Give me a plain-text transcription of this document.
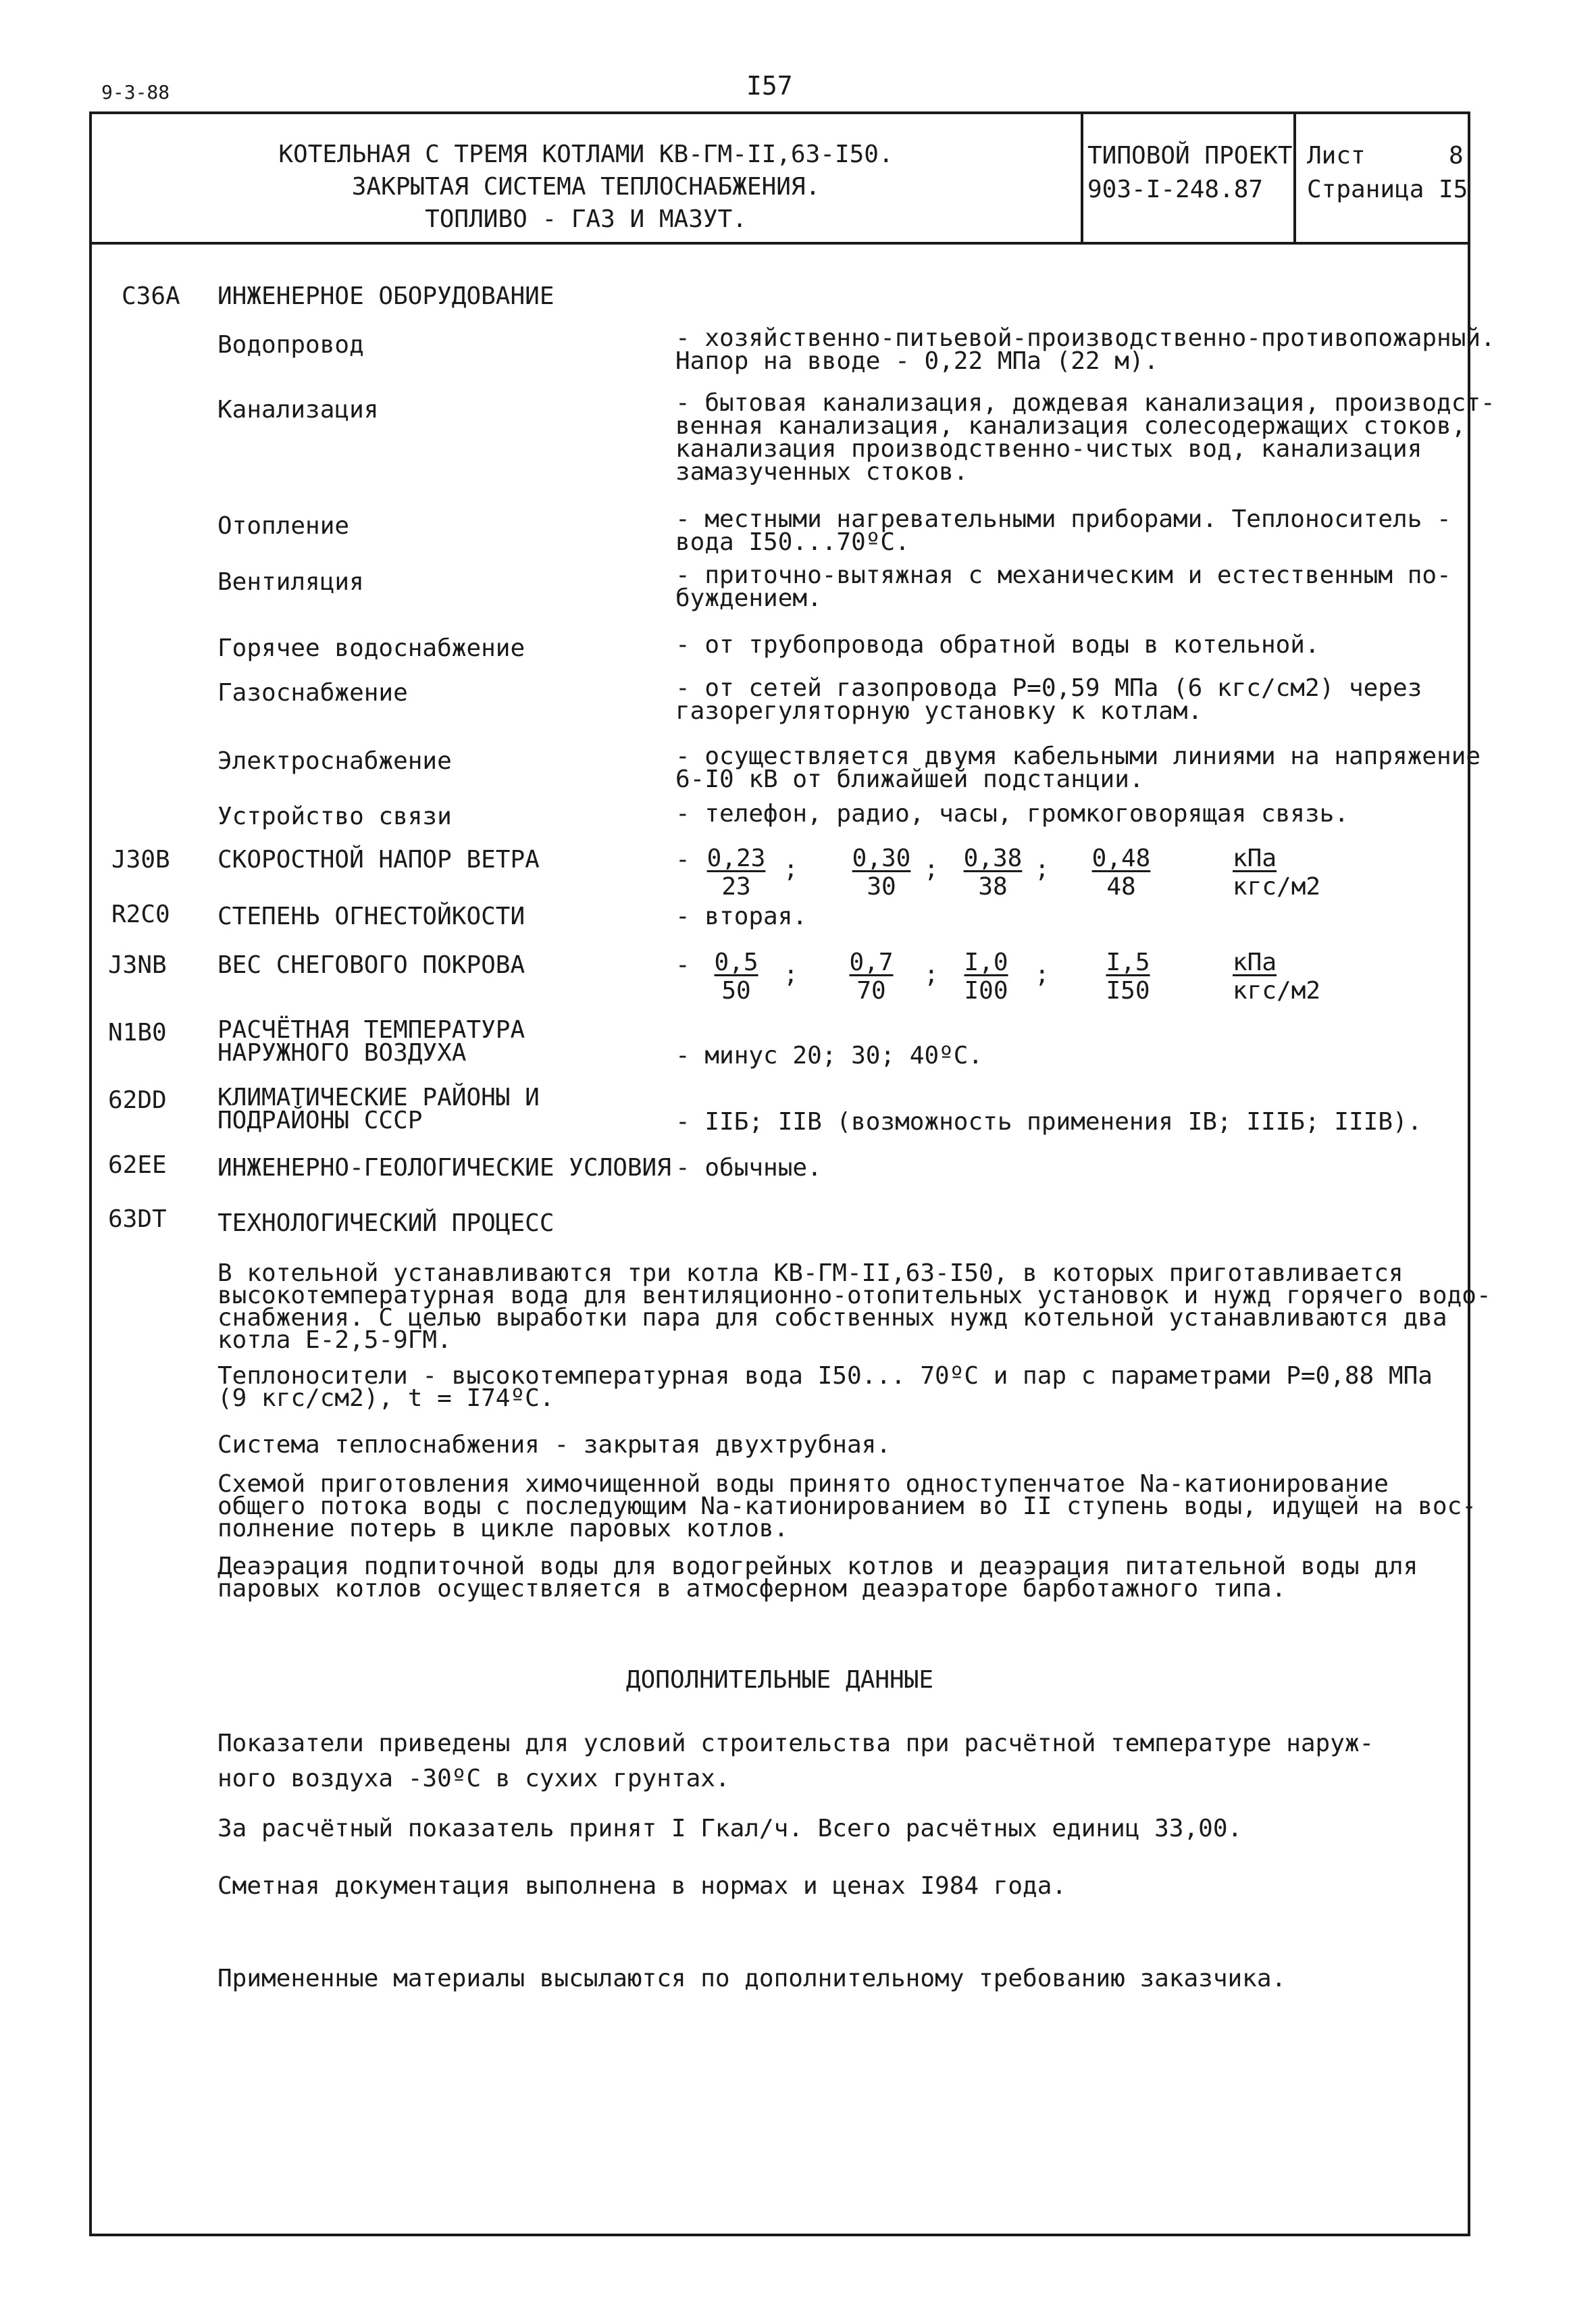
9-3-88	I57
КОТЕЛЬНАЯ С ТРЕМЯ КОТЛАМИ КВ-ГМ-II,63-I50.
ЗАКРЫТАЯ СИСТЕМА ТЕПЛОСНАБЖЕНИЯ.
ТОПЛИВО - ГАЗ И МАЗУТ.
ТИПОВОЙ ПРОЕКТ
903-I-248.87
Лист	8
Страница I5
С36А ИНЖЕНЕРНОЕ ОБОРУДОВАНИЕ
Водопровод	- хозяйственно-питьевой-производственно-противопожарный.
Напор на вводе - 0,22 МПа (22 м).
Канализация	- бытовая канализация, дождевая канализация, производст-
венная канализация, канализация солесодержащих стоков,
канализация производственно-чистых вод, канализация
замазученных стоков.
Отопление	- местными нагревательными приборами. Теплоноситель -
вода I50...70ºС.
Вентиляция	- приточно-вытяжная с механическим и естественным по-
буждением.
Горячее водоснабжение	- от трубопровода обратной воды в котельной.
Газоснабжение	- от сетей газопровода Р=0,59 МПа (6 кгс/см2) через
газорегуляторную установку к котлам.
Электроснабжение	- осуществляется двумя кабельными линиями на напряжение
6-I0 кВ от ближайшей подстанции.
Устройство связи	- телефон, радио, часы, громкоговорящая связь.
J30B СКОРОСТНОЙ НАПОР ВЕТРА	- $\frac{0,23}{23}$ ; $\frac{0,30}{30}$ ; $\frac{0,38}{38}$ ; $\frac{0,48}{48}$	кПа
кгс/м2
R2C0 СТЕПЕНЬ ОГНЕСТОЙКОСТИ	- вторая.
J3NB ВЕС СНЕГОВОГО ПОКРОВА	- $\frac{0,5}{50}$ ; $\frac{0,7}{70}$ ; $\frac{I,0}{I00}$ ; $\frac{I,5}{I50}$	кПа
кгс/м2
N1B0 РАСЧЁТНАЯ ТЕМПЕРАТУРА
НАРУЖНОГО ВОЗДУХА	- минус 20; 30; 40ºС.
62DD КЛИМАТИЧЕСКИЕ РАЙОНЫ И
ПОДРАЙОНЫ СССР	- IIБ; IIВ (возможность применения IВ; IIIБ; IIIВ).
62EE ИНЖЕНЕРНО-ГЕОЛОГИЧЕСКИЕ УСЛОВИЯ - обычные.
63DT ТЕХНОЛОГИЧЕСКИЙ ПРОЦЕСС
В котельной устанавливаются три котла КВ-ГМ-II,63-I50, в которых приготавливается
высокотемпературная вода для вентиляционно-отопительных установок и нужд горячего водо-
снабжения. С целью выработки пара для собственных нужд котельной устанавливаются два
котла Е-2,5-9ГМ.
Теплоносители - высокотемпературная вода I50... 70ºС и пар с параметрами Р=0,88 МПа
(9 кгс/см2), t = I74ºС.
Система теплоснабжения - закрытая двухтрубная.
Схемой приготовления химочищенной воды принято одноступенчатое Nа-катионирование
общего потока воды с последующим Nа-катионированием во II ступень воды, идущей на вос-
полнение потерь в цикле паровых котлов.
Деаэрация подпиточной воды для водогрейных котлов и деаэрация питательной воды для
паровых котлов осуществляется в атмосферном деаэраторе барботажного типа.
ДОПОЛНИТЕЛЬНЫЕ ДАННЫЕ
Показатели приведены для условий строительства при расчётной температуре наруж-
ного воздуха -30ºС в сухих грунтах.
За расчётный показатель принят I Гкал/ч. Всего расчётных единиц 33,00.
Сметная документация выполнена в нормах и ценах I984 года.
Примененные материалы высылаются по дополнительному требованию заказчика.
